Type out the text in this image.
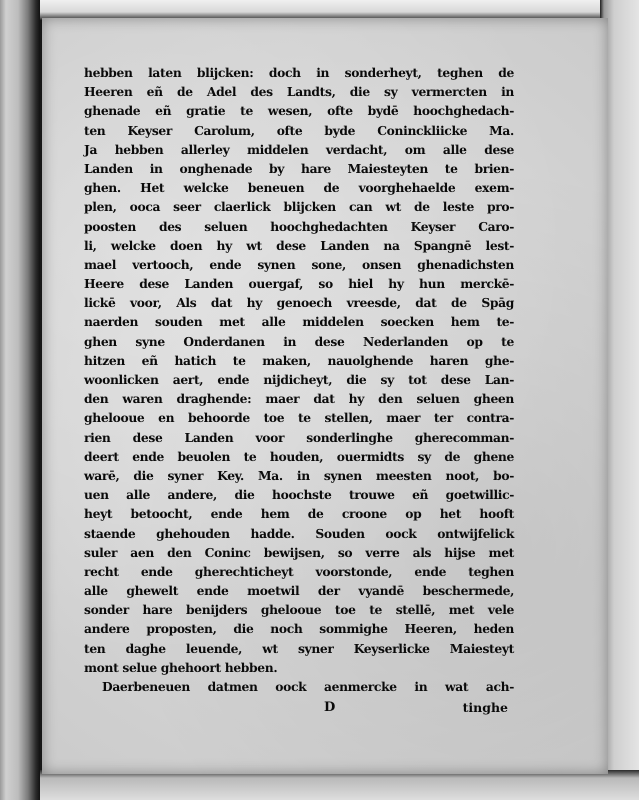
hebben laten blijcken: doch in sonderheyt, teghen de
Heeren eñ de Adel des Landts, die sy vermercten in
ghenade eñ gratie te wesen, ofte bydē hoochghedach-
ten Keyser Carolum, ofte byde Coninckliicke Ma.
Ja hebben allerley middelen verdacht, om alle dese
Landen in onghenade by hare Maiesteyten te brien-
ghen. Het welcke beneuen de voorghehaelde exem-
plen, ooca seer claerlick blijcken can wt de leste pro-
poosten des seluen hoochghedachten Keyser Caro-
li, welcke doen hy wt dese Landen na Spangnē lest-
mael vertooch, ende synen sone, onsen ghenadichsten
Heere dese Landen ouergaf, so hiel hy hun merckē-
lickē voor, Als dat hy genoech vreesde, dat de Spāg
naerden souden met alle middelen soecken hem te-
ghen syne Onderdanen in dese Nederlanden op te
hitzen eñ hatich te maken, nauolghende haren ghe-
woonlicken aert, ende nijdicheyt, die sy tot dese Lan-
den waren draghende: maer dat hy den seluen gheen
ghelooue en behoorde toe te stellen, maer ter contra-
rien dese Landen voor sonderlinghe gherecomman-
deert ende beuolen te houden, ouermidts sy de ghene
warē, die syner Key. Ma. in synen meesten noot, bo-
uen alle andere, die hoochste trouwe eñ goetwillic-
heyt betoocht, ende hem de croone op het hooft
staende ghehouden hadde. Souden oock ontwijfelick
suler aen den Coninc bewijsen, so verre als hijse met
recht ende gherechticheyt voorstonde, ende teghen
alle ghewelt ende moetwil der vyandē beschermede,
sonder hare benijders ghelooue toe te stellē, met vele
andere proposten, die noch sommighe Heeren, heden
ten daghe leuende, wt syner Keyserlicke Maiesteyt
mont selue ghehoort hebben.
Daerbeneuen datmen oock aenmercke in wat ach-
D	tinghe
